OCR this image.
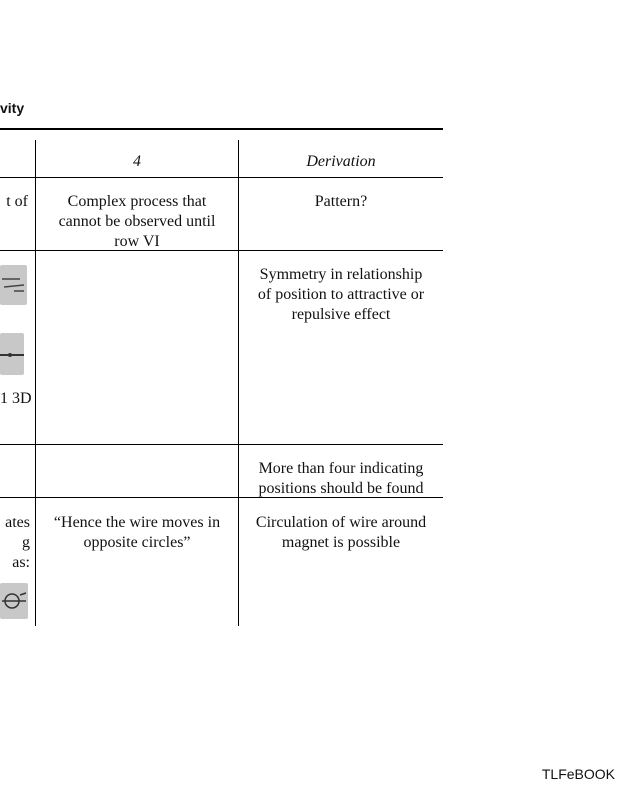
vity
4	Derivation
t of	Complex process that
cannot be observed until
row VI
Pattern?
1 3D
Symmetry in relationship
of position to attractive or
repulsive effect
More than four indicating
positions should be found
ates
g
as:
“Hence the wire moves in
opposite circles”
Circulation of wire around
magnet is possible
TLFeBOOK
